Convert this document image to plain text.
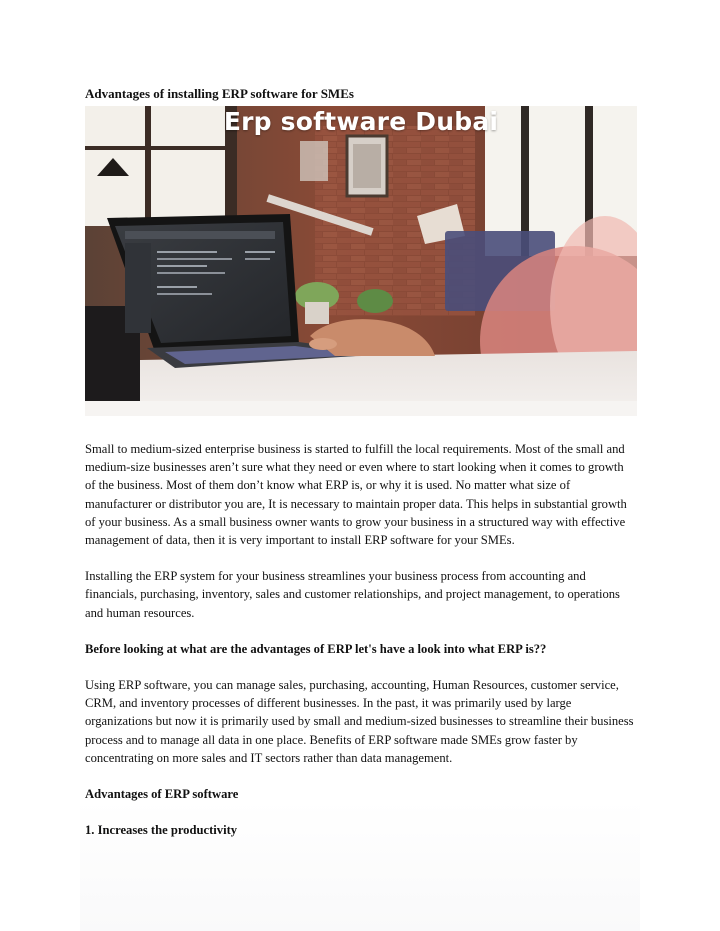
Advantages of installing ERP software for SMEs
Erp software Dubai

Small to medium-sized enterprise business is started to fulfill the local requirements. Most of the small and medium-size businesses aren’t sure what they need or even where to start looking when it comes to growth of the business. Most of them don’t know what ERP is, or why it is used. No matter what size of manufacturer or distributor you are, It is necessary to maintain proper data. This helps in substantial growth of your business. As a small business owner wants to grow your business in a structured way with effective management of data, then it is very important to install ERP software for your SMEs.

Installing the ERP system for your business streamlines your business process from accounting and financials, purchasing, inventory, sales and customer relationships, and project management, to operations and human resources.

Before looking at what are the advantages of ERP let's have a look into what ERP is??

Using ERP software, you can manage sales, purchasing, accounting, Human Resources, customer service, CRM, and inventory processes of different businesses. In the past, it was primarily used by large organizations but now it is primarily used by small and medium-sized businesses to streamline their business process and to manage all data in one place. Benefits of ERP software made SMEs grow faster by concentrating on more sales and IT sectors rather than data management.

Advantages of ERP software

1. Increases the productivity
